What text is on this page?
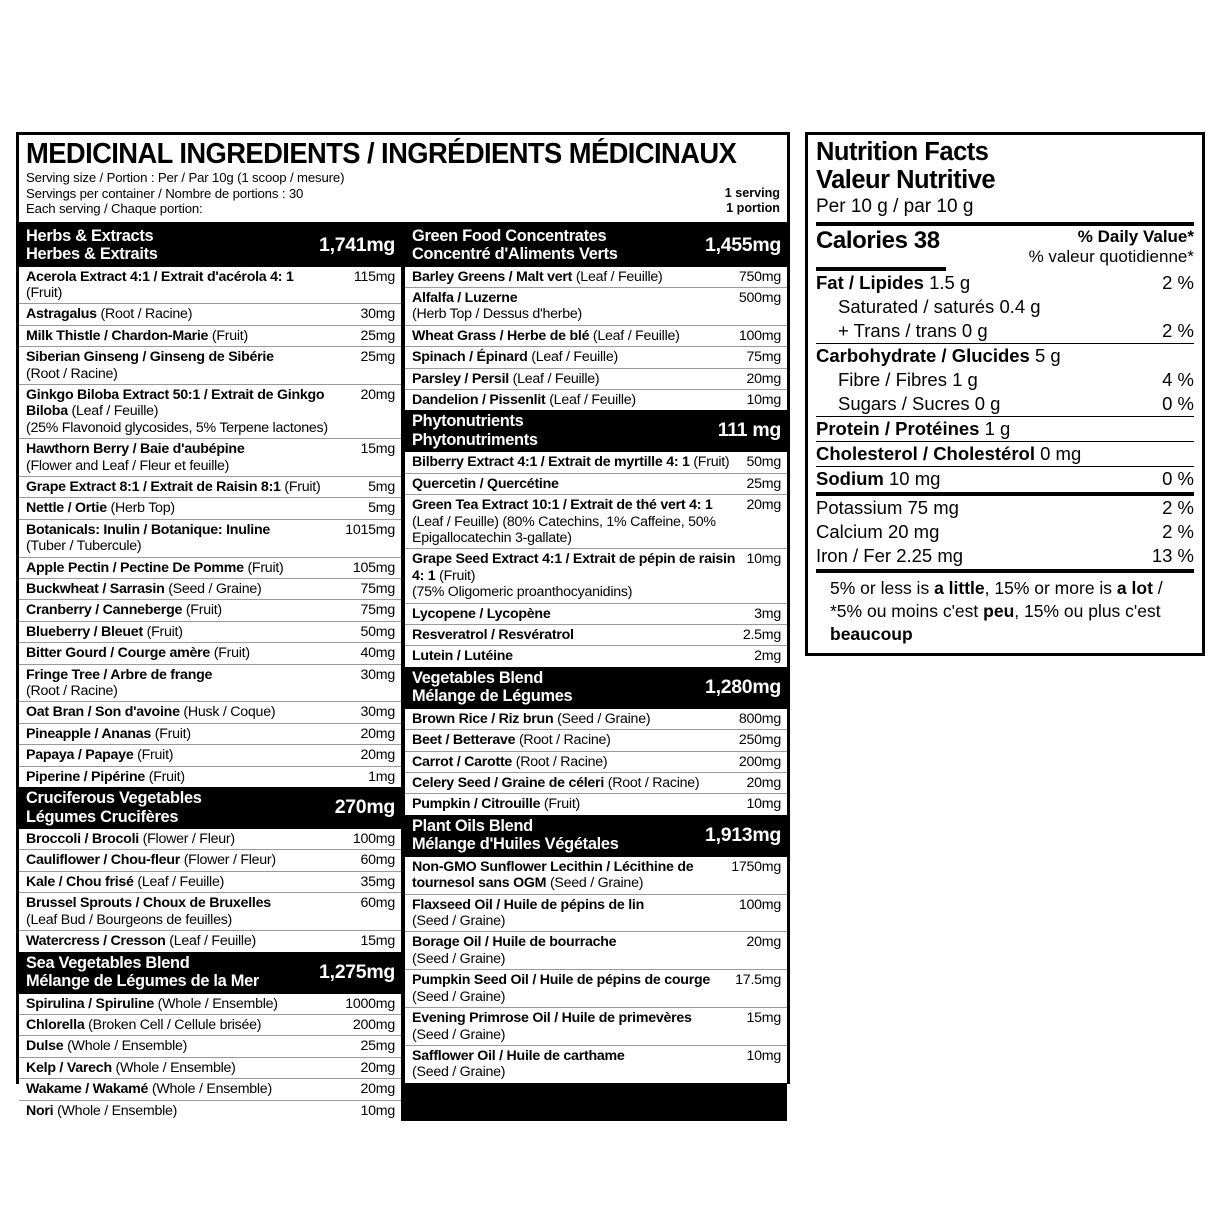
MEDICINAL INGREDIENTS / INGRÉDIENTS MÉDICINAUX
Serving size / Portion : Per / Par 10g (1 scoop / mesure)
Servings per container / Nombre de portions : 30
Each serving / Chaque portion:
1 serving
1 portion
Herbs & Extracts
Herbes & Extraits	1,741mg
Acerola Extract 4:1 / Extrait d'acérola 4: 1
(Fruit)
115mg
Astragalus (Root / Racine)	30mg
Milk Thistle / Chardon-Marie (Fruit)	25mg
Siberian Ginseng / Ginseng de Sibérie
(Root / Racine)
25mg
Ginkgo Biloba Extract 50:1 / Extrait de Ginkgo Biloba (Leaf / Feuille)
(25% Flavonoid glycosides, 5% Terpene lactones)
20mg
Hawthorn Berry / Baie d'aubépine
(Flower and Leaf / Fleur et feuille)
15mg
Grape Extract 8:1 / Extrait de Raisin 8:1 (Fruit)	5mg
Nettle / Ortie (Herb Top)	5mg
Botanicals: Inulin / Botanique: Inuline
(Tuber / Tubercule)
1015mg
Apple Pectin / Pectine De Pomme (Fruit)	105mg
Buckwheat / Sarrasin (Seed / Graine)	75mg
Cranberry / Canneberge (Fruit)	75mg
Blueberry / Bleuet (Fruit)	50mg
Bitter Gourd / Courge amère (Fruit)	40mg
Fringe Tree / Arbre de frange
(Root / Racine)
30mg
Oat Bran / Son d'avoine (Husk / Coque)	30mg
Pineapple / Ananas (Fruit)	20mg
Papaya / Papaye (Fruit)	20mg
Piperine / Pipérine (Fruit)	1mg
Cruciferous Vegetables
Légumes Crucifères	270mg
Broccoli / Brocoli (Flower / Fleur)	100mg
Cauliflower / Chou-fleur (Flower / Fleur)	60mg
Kale / Chou frisé (Leaf / Feuille)	35mg
Brussel Sprouts / Choux de Bruxelles
(Leaf Bud / Bourgeons de feuilles)
60mg
Watercress / Cresson (Leaf / Feuille)	15mg
Sea Vegetables Blend
Mélange de Légumes de la Mer	1,275mg
Spirulina / Spiruline (Whole / Ensemble)	1000mg
Chlorella (Broken Cell / Cellule brisée)	200mg
Dulse (Whole / Ensemble)	25mg
Kelp / Varech (Whole / Ensemble)	20mg
Wakame / Wakamé (Whole / Ensemble)	20mg
Nori (Whole / Ensemble)	10mg
Green Food Concentrates
Concentré d'Aliments Verts	1,455mg
Barley Greens / Malt vert (Leaf / Feuille)	750mg
Alfalfa / Luzerne
(Herb Top / Dessus d'herbe)
500mg
Wheat Grass / Herbe de blé (Leaf / Feuille)	100mg
Spinach / Épinard (Leaf / Feuille)	75mg
Parsley / Persil (Leaf / Feuille)	20mg
Dandelion / Pissenlit (Leaf / Feuille)	10mg
Phytonutrients
Phytonutriments	111 mg
Bilberry Extract 4:1 / Extrait de myrtille 4: 1 (Fruit)	50mg
Quercetin / Quercétine	25mg
Green Tea Extract 10:1 / Extrait de thé vert 4: 1 (Leaf / Feuille) (80% Catechins, 1% Caffeine, 50% Epigallocatechin 3-gallate)
20mg
Grape Seed Extract 4:1 / Extrait de pépin de raisin 4: 1 (Fruit)
(75% Oligomeric proanthocyanidins)
10mg
Lycopene / Lycopène	3mg
Resveratrol / Resvératrol	2.5mg
Lutein / Lutéine	2mg
Vegetables Blend
Mélange de Légumes	1,280mg
Brown Rice / Riz brun (Seed / Graine)	800mg
Beet / Betterave (Root / Racine)	250mg
Carrot / Carotte (Root / Racine)	200mg
Celery Seed / Graine de céleri (Root / Racine)	20mg
Pumpkin / Citrouille (Fruit)	10mg
Plant Oils Blend
Mélange d'Huiles Végétales	1,913mg
Non-GMO Sunflower Lecithin / Lécithine de tournesol sans OGM (Seed / Graine)
1750mg
Flaxseed Oil / Huile de pépins de lin
(Seed / Graine)
100mg
Borage Oil / Huile de bourrache
(Seed / Graine)
20mg
Pumpkin Seed Oil / Huile de pépins de courge
(Seed / Graine)
17.5mg
Evening Primrose Oil / Huile de primevères
(Seed / Graine)
15mg
Safflower Oil / Huile de carthame
(Seed / Graine)
10mg
Nutrition Facts
Valeur Nutritive
Per 10 g / par 10 g
Calories 38	% Daily Value*
% valeur quotidienne*
Fat / Lipides 1.5 g	2 %
Saturated / saturés 0.4 g
+ Trans / trans 0 g	2 %
Carbohydrate / Glucides 5 g
Fibre / Fibres 1 g	4 %
Sugars / Sucres 0 g	0 %
Protein / Protéines 1 g
Cholesterol / Cholestérol 0 mg
Sodium 10 mg	0 %
Potassium 75 mg	2 %
Calcium 20 mg	2 %
Iron / Fer 2.25 mg	13 %
5% or less is a little, 15% or more is a lot / *5% ou moins c'est peu, 15% ou plus c'est beaucoup
